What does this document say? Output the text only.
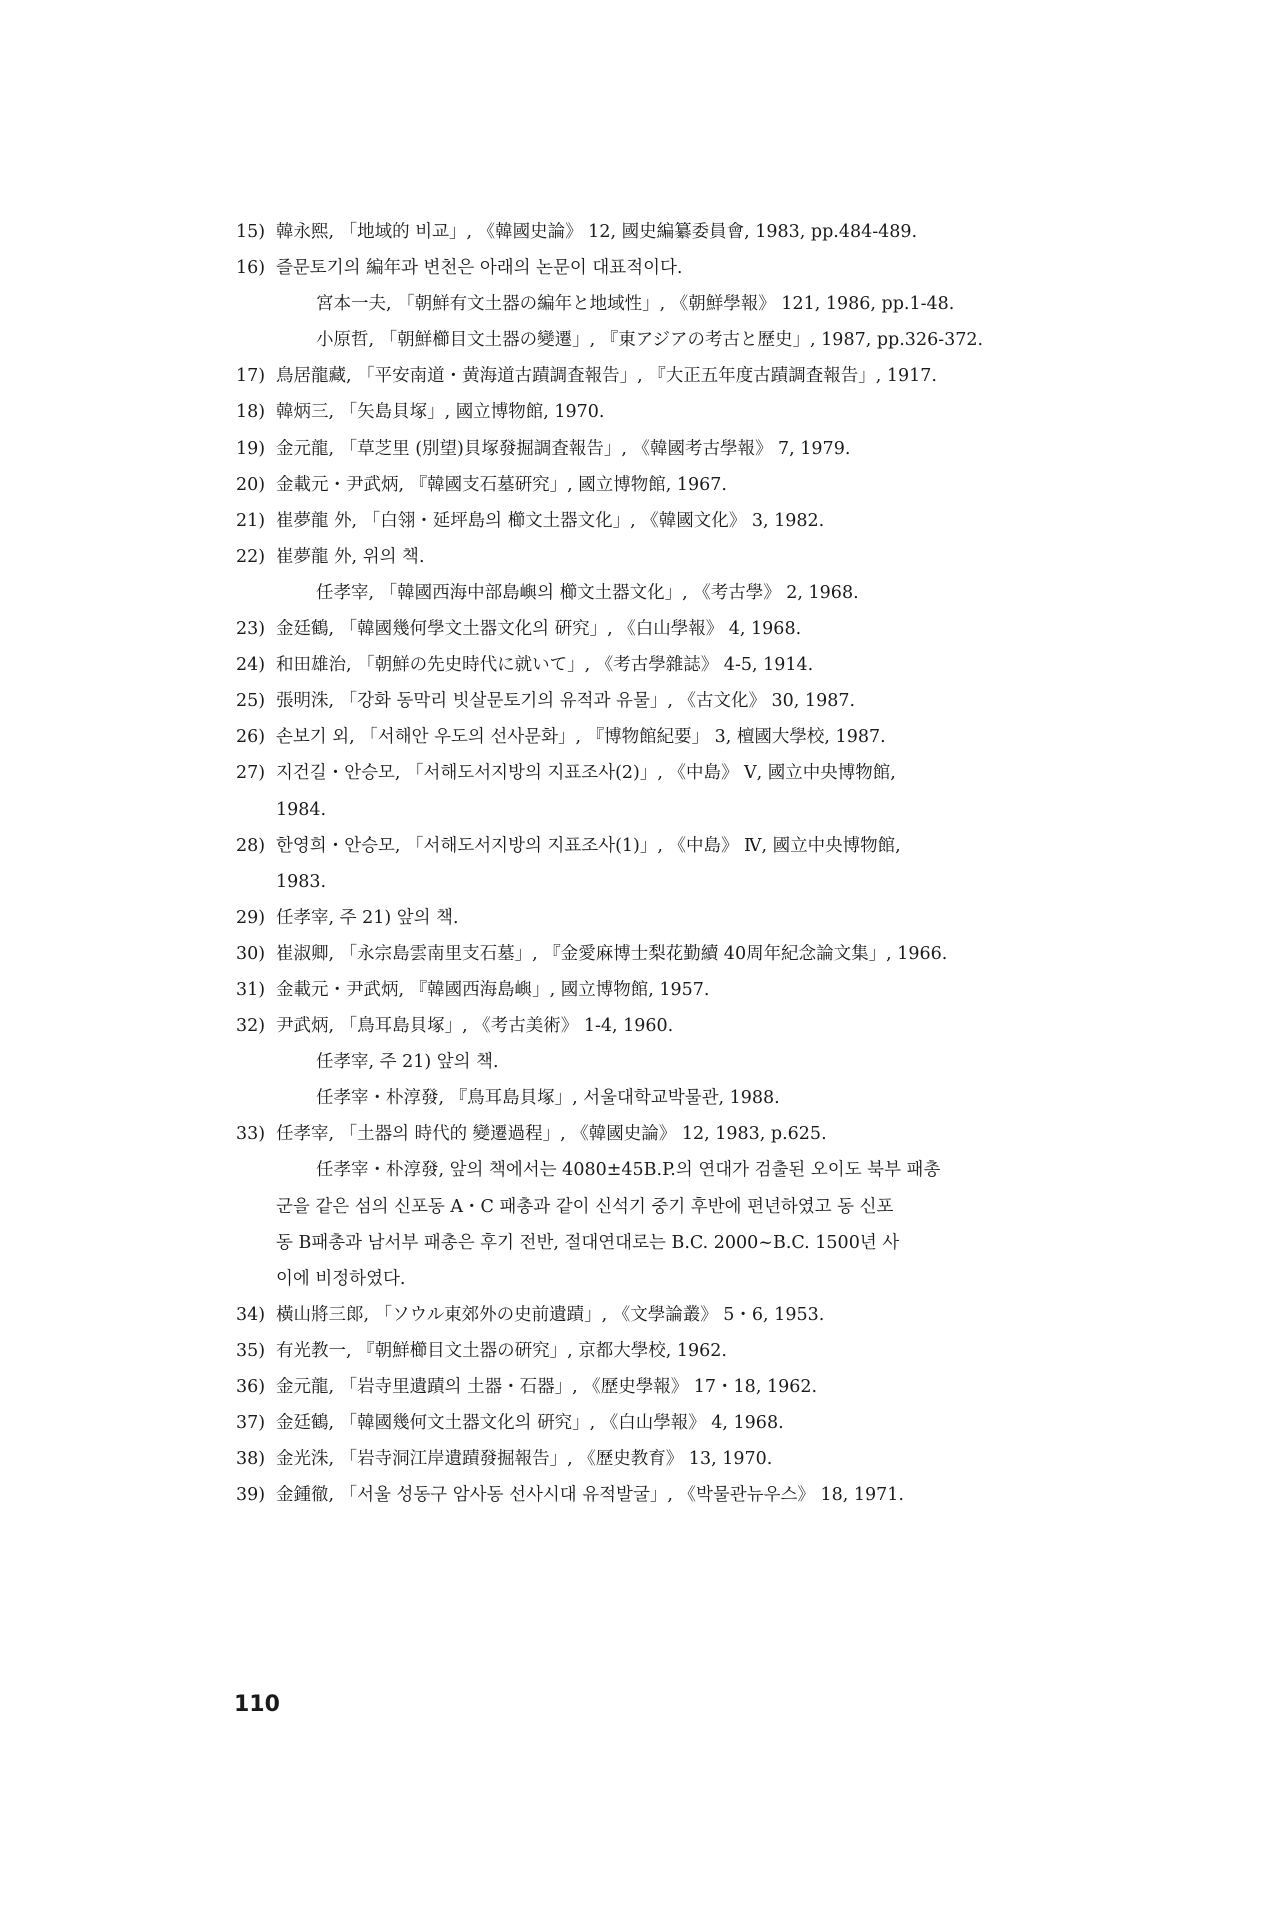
15) 韓永熙, 「地域的 비교」, 《韓國史論》 12, 國史編纂委員會, 1983, pp.484-489.
16) 즐문토기의 編年과 변천은 아래의 논문이 대표적이다.
宮本一夫, 「朝鮮有文土器の編年と地域性」, 《朝鮮學報》 121, 1986, pp.1-48.
小原哲, 「朝鮮櫛目文土器の變遷」, 『東アジアの考古と歷史」, 1987, pp.326-372.
17) 鳥居龍藏, 「平安南道・黄海道古蹟調査報告」, 『大正五年度古蹟調査報告」, 1917.
18) 韓炳三, 「矢島貝塚」, 國立博物館, 1970.
19) 金元龍, 「草芝里 (別望)貝塚發掘調査報告」, 《韓國考古學報》 7, 1979.
20) 金載元・尹武炳, 『韓國支石墓硏究」, 國立博物館, 1967.
21) 崔夢龍 外, 「白翎・延坪島의 櫛文土器文化」, 《韓國文化》 3, 1982.
22) 崔夢龍 外, 위의 책.
任孝宰, 「韓國西海中部島嶼의 櫛文土器文化」, 《考古學》 2, 1968.
23) 金廷鶴, 「韓國幾何學文土器文化의 硏究」, 《白山學報》 4, 1968.
24) 和田雄治, 「朝鮮の先史時代に就いて」, 《考古學雜誌》 4-5, 1914.
25) 張明洙, 「강화 동막리 빗살문토기의 유적과 유물」, 《古文化》 30, 1987.
26) 손보기 외, 「서해안 우도의 선사문화」, 『博物館紀要」 3, 檀國大學校, 1987.
27) 지건길・안승모, 「서해도서지방의 지표조사(2)」, 《中島》 Ⅴ, 國立中央博物館,
1984.
28) 한영희・안승모, 「서해도서지방의 지표조사(1)」, 《中島》 Ⅳ, 國立中央博物館,
1983.
29) 任孝宰, 주 21) 앞의 책.
30) 崔淑卿, 「永宗島雲南里支石墓」, 『金愛麻博士梨花勤續 40周年紀念論文集」, 1966.
31) 金載元・尹武炳, 『韓國西海島嶼」, 國立博物館, 1957.
32) 尹武炳, 「鳥耳島貝塚」, 《考古美術》 1-4, 1960.
任孝宰, 주 21) 앞의 책.
任孝宰・朴淳發, 『鳥耳島貝塚」, 서울대학교박물관, 1988.
33) 任孝宰, 「土器의 時代的 變遷過程」, 《韓國史論》 12, 1983, p.625.
任孝宰・朴淳發, 앞의 책에서는 4080±45B.P.의 연대가 검출된 오이도 북부 패총
군을 같은 섬의 신포동 A・C 패총과 같이 신석기 중기 후반에 편년하였고 동 신포
동 B패총과 남서부 패총은 후기 전반, 절대연대로는 B.C. 2000~B.C. 1500년 사
이에 비정하였다.
34) 橫山將三郞, 「ソウル東郊外の史前遺蹟」, 《文學論叢》 5・6, 1953.
35) 有光教一, 『朝鮮櫛目文土器の硏究」, 京都大學校, 1962.
36) 金元龍, 「岩寺里遺蹟의 土器・石器」, 《歷史學報》 17・18, 1962.
37) 金廷鶴, 「韓國幾何文土器文化의 硏究」, 《白山學報》 4, 1968.
38) 金光洙, 「岩寺洞江岸遺蹟發掘報告」, 《歷史教育》 13, 1970.
39) 金鍾徹, 「서울 성동구 암사동 선사시대 유적발굴」, 《박물관뉴우스》 18, 1971.
110
